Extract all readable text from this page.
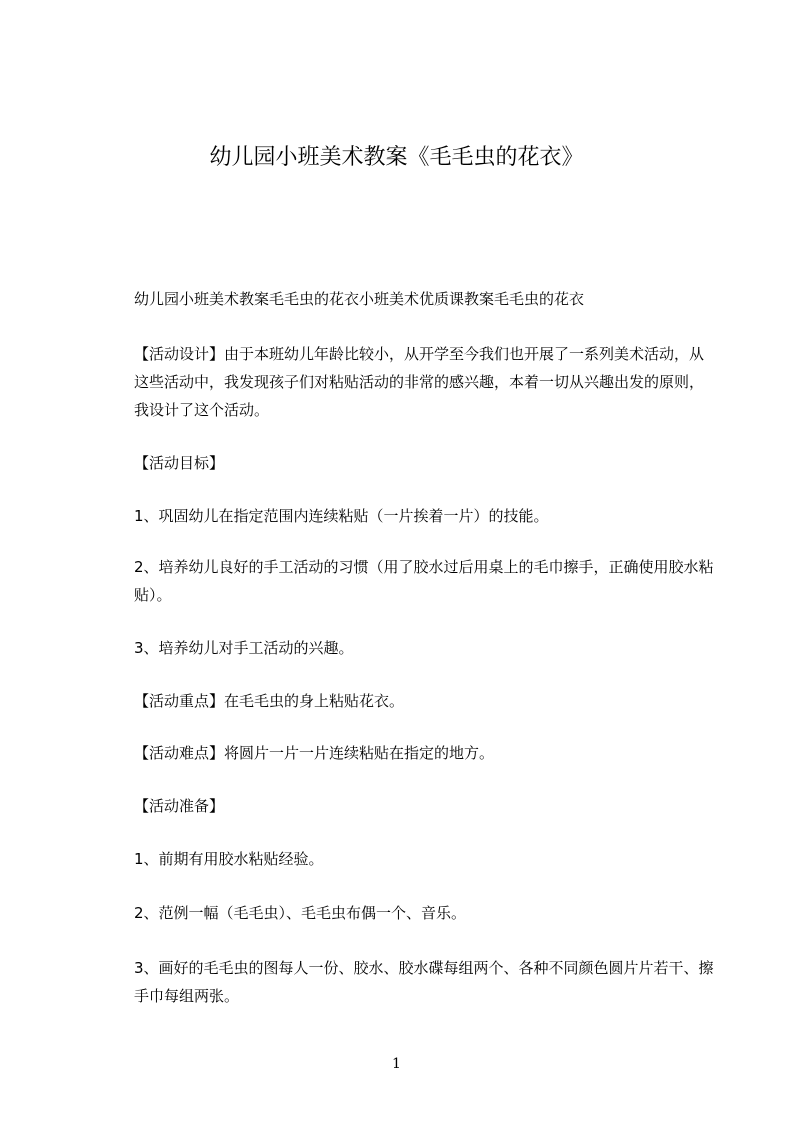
幼儿园小班美术教案《毛毛虫的花衣》

幼儿园小班美术教案毛毛虫的花衣小班美术优质课教案毛毛虫的花衣

【活动设计】由于本班幼儿年龄比较小，从开学至今我们也开展了一系列美术活动，从这些活动中，我发现孩子们对粘贴活动的非常的感兴趣，本着一切从兴趣出发的原则，我设计了这个活动。

【活动目标】

1、巩固幼儿在指定范围内连续粘贴（一片挨着一片）的技能。

2、培养幼儿良好的手工活动的习惯（用了胶水过后用桌上的毛巾擦手，正确使用胶水粘贴）。

3、培养幼儿对手工活动的兴趣。

【活动重点】在毛毛虫的身上粘贴花衣。

【活动难点】将圆片一片一片连续粘贴在指定的地方。

【活动准备】

1、前期有用胶水粘贴经验。

2、范例一幅（毛毛虫）、毛毛虫布偶一个、音乐。

3、画好的毛毛虫的图每人一份、胶水、胶水碟每组两个、各种不同颜色圆片片若干、擦手巾每组两张。

1
